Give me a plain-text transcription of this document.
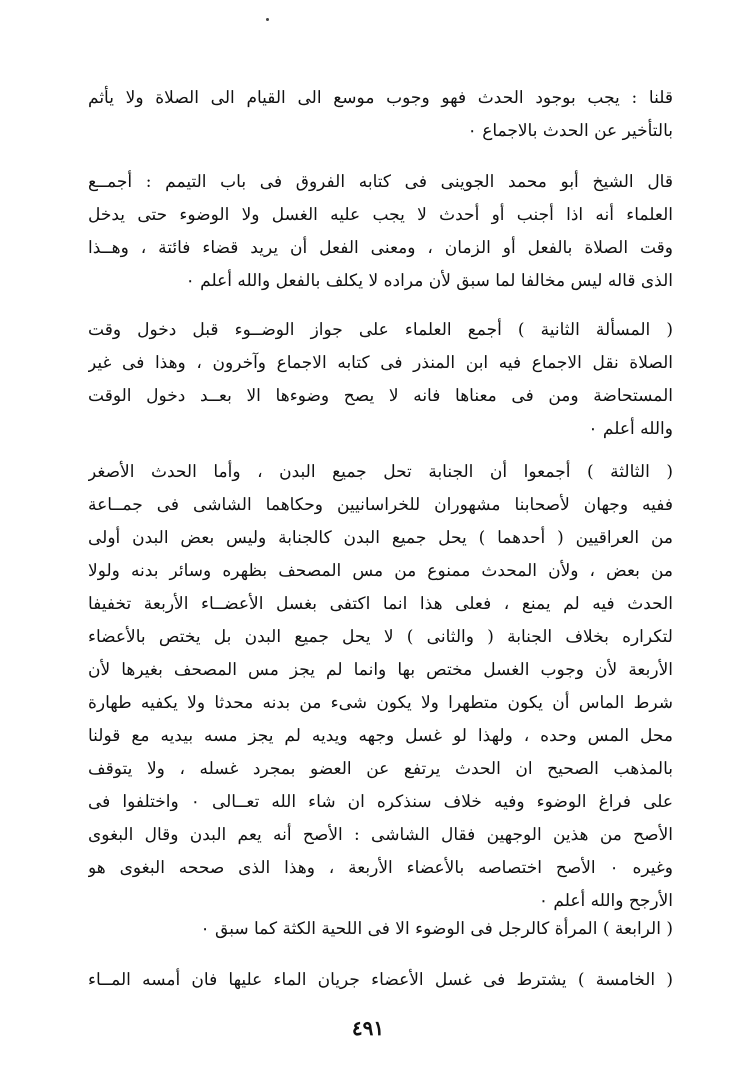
قلنا : يجب بوجود الحدث فهو وجوب موسع الى القيام الى الصلاة ولا يأثم
بالتأخير عن الحدث بالاجماع ٠
قال الشيخ أبو محمد الجوينى فى كتابه الفروق فى باب التيمم : أجمــع
العلماء أنه اذا أجنب أو أحدث لا يجب عليه الغسل ولا الوضوء حتى يدخل
وقت الصلاة بالفعل أو الزمان ، ومعنى الفعل أن يريد قضاء فائتة ، وهــذا
الذى قاله ليس مخالفا لما سبق لأن مراده لا يكلف بالفعل والله أعلم ٠
( المسألة الثانية ) أجمع العلماء على جواز الوضــوء قبل دخول وقت
الصلاة نقل الاجماع فيه ابن المنذر فى كتابه الاجماع وآخرون ، وهذا فى غير
المستحاضة ومن فى معناها فانه لا يصح وضوءها الا بعــد دخول الوقت
والله أعلم ٠
( الثالثة ) أجمعوا أن الجنابة تحل جميع البدن ، وأما الحدث الأصغر
ففيه وجهان لأصحابنا مشهوران للخراسانيين وحكاهما الشاشى فى جمــاعة
من العراقيين ( أحدهما ) يحل جميع البدن كالجنابة وليس بعض البدن أولى
من بعض ، ولأن المحدث ممنوع من مس المصحف بظهره وسائر بدنه ولولا
الحدث فيه لم يمنع ، فعلى هذا انما اكتفى بغسل الأعضــاء الأربعة تخفيفا
لتكراره بخلاف الجنابة ( والثانى ) لا يحل جميع البدن بل يختص بالأعضاء
الأربعة لأن وجوب الغسل مختص بها وانما لم يجز مس المصحف بغيرها لأن
شرط الماس أن يكون متطهرا ولا يكون شىء من بدنه محدثا ولا يكفيه طهارة
محل المس وحده ، ولهذا لو غسل وجهه ويديه لم يجز مسه بيديه مع قولنا
بالمذهب الصحيح ان الحدث يرتفع عن العضو بمجرد غسله ، ولا يتوقف
على فراغ الوضوء وفيه خلاف سنذكره ان شاء الله تعــالى ٠ واختلفوا فى
الأصح من هذين الوجهين فقال الشاشى : الأصح أنه يعم البدن وقال البغوى
وغيره ٠ الأصح اختصاصه بالأعضاء الأربعة ، وهذا الذى صححه البغوى هو
الأرجح والله أعلم ٠
( الرابعة ) المرأة كالرجل فى الوضوء الا فى اللحية الكثة كما سبق ٠
( الخامسة ) يشترط فى غسل الأعضاء جريان الماء عليها فان أمسه المــاء
٤٩١
